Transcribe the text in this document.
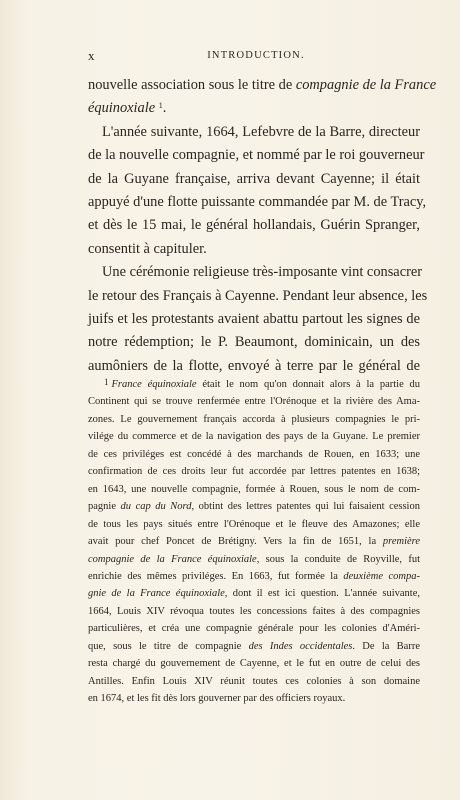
x	INTRODUCTION.
nouvelle association sous le titre de compagnie de la France
équinoxiale $^1$.
L'année suivante, 1664, Lefebvre de la Barre, directeur
de la nouvelle compagnie, et nommé par le roi gouverneur
de la Guyane française, arriva devant Cayenne; il était
appuyé d'une flotte puissante commandée par M. de Tracy,
et dès le 15 mai, le général hollandais, Guérin Spranger,
consentit à capituler.
Une cérémonie religieuse très-imposante vint consacrer
le retour des Français à Cayenne. Pendant leur absence, les
juifs et les protestants avaient abattu partout les signes de
notre rédemption; le P. Beaumont, dominicain, un des
aumôniers de la flotte, envoyé à terre par le général de
1 France équinoxiale était le nom qu'on donnait alors à la partie du
Continent qui se trouve renfermée entre l'Orénoque et la rivière des Ama-
zones. Le gouvernement français accorda à plusieurs compagnies le pri-
vilége du commerce et de la navigation des pays de la Guyane. Le premier
de ces priviléges est concédé à des marchands de Rouen, en 1633; une
confirmation de ces droits leur fut accordée par lettres patentes en 1638;
en 1643, une nouvelle compagnie, formée à Rouen, sous le nom de com-
pagnie du cap du Nord, obtint des lettres patentes qui lui faisaient cession
de tous les pays situés entre l'Orénoque et le fleuve des Amazones; elle
avait pour chef Poncet de Brétigny. Vers la fin de 1651, la première
compagnie de la France équinoxiale, sous la conduite de Royville, fut
enrichie des mêmes priviléges. En 1663, fut formée la deuxième compa-
gnie de la France équinoxiale, dont il est ici question. L'année suivante,
1664, Louis XIV révoqua toutes les concessions faites à des compagnies
particulières, et créa une compagnie générale pour les colonies d'Améri-
que, sous le titre de compagnie des Indes occidentales. De la Barre
resta chargé du gouvernement de Cayenne, et le fut en outre de celui des
Antilles. Enfin Louis XIV réunit toutes ces colonies à son domaine
en 1674, et les fit dès lors gouverner par des officiers royaux.
